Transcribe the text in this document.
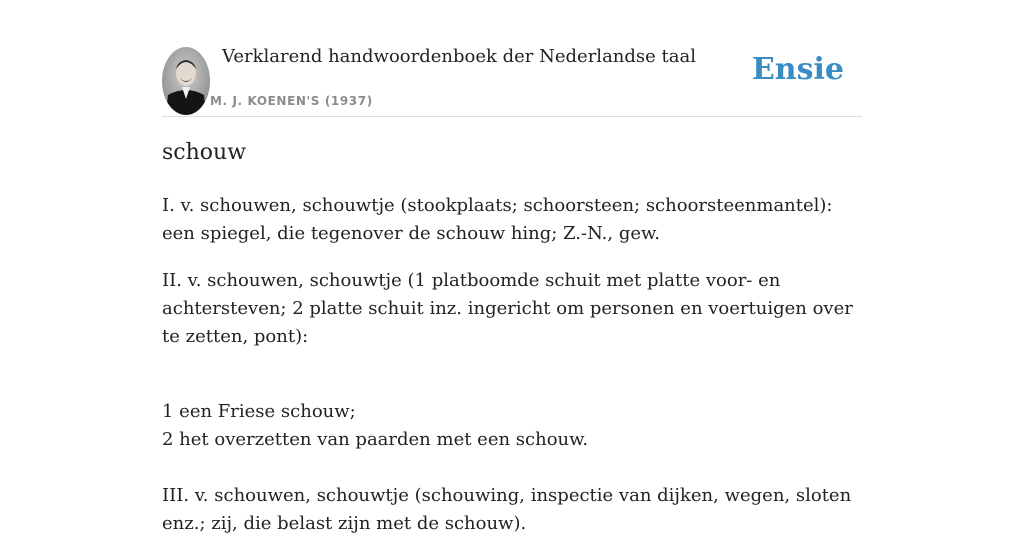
Verklarend handwoordenboek der Nederlandse taal
M. J. KOENEN'S (1937)
Ensie
schouw

I. v. schouwen, schouwtje (stookplaats; schoorsteen; schoorsteenmantel): een spiegel, die tegenover de schouw hing; Z.-N., gew.

II. v. schouwen, schouwtje (1 platboomde schuit met platte voor- en achtersteven; 2 platte schuit inz. ingericht om personen en voertuigen over te zetten, pont):

1 een Friese schouw;
2 het overzetten van paarden met een schouw.

III. v. schouwen, schouwtje (schouwing, inspectie van dijken, wegen, sloten enz.; zij, die belast zijn met de schouw).
